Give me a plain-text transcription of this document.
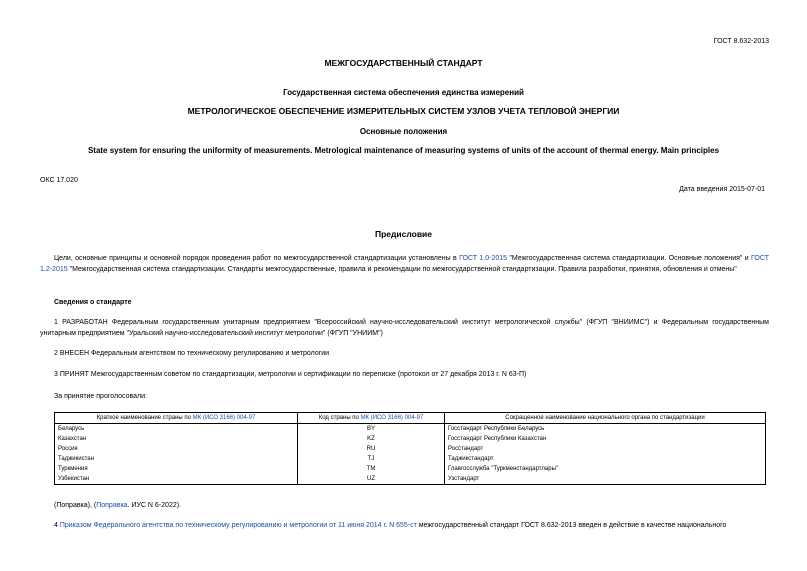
ГОСТ 8.632-2013
МЕЖГОСУДАРСТВЕННЫЙ СТАНДАРТ
Государственная система обеспечения единства измерений
МЕТРОЛОГИЧЕСКОЕ ОБЕСПЕЧЕНИЕ ИЗМЕРИТЕЛЬНЫХ СИСТЕМ УЗЛОВ УЧЕТА ТЕПЛОВОЙ ЭНЕРГИИ
Основные положения
State system for ensuring the uniformity of measurements. Metrological maintenance of measuring systems of units of the account of thermal energy. Main principles
ОКС 17.020
Дата введения 2015-07-01
Предисловие
Цели, основные принципы и основной порядок проведения работ по межгосударственной стандартизации установлены в ГОСТ 1.0-2015 "Межгосударственная система стандартизации. Основные положения" и ГОСТ 1.2-2015 "Межгосударственная система стандартизации. Стандарты межгосударственные, правила и рекомендации по межгосударственной стандартизации. Правила разработки, принятия, обновления и отмены"
Сведения о стандарте
1 РАЗРАБОТАН Федеральным государственным унитарным предприятием "Всероссийский научно-исследовательский институт метрологической службы" (ФГУП "ВНИИМС") и Федеральным государственным унитарным предприятием "Уральский научно-исследовательский институт метрологии" (ФГУП "УНИИМ")
2 ВНЕСЕН Федеральным агентством по техническому регулированию и метрологии
3 ПРИНЯТ Межгосударственным советом по стандартизации, метрологии и сертификации по переписке (протокол от 27 декабря 2013 г. N 63-П)
За принятие проголосовали:
Краткое наименование страны по МК (ИСО 3166) 004-97	Код страны по МК (ИСО 3166) 004-97	Сокращенное наименование национального органа по стандартизации
Беларусь	BY	Госстандарт Республики Беларусь
Казахстан	KZ	Госстандарт Республики Казахстан
Россия	RU	Росстандарт
Таджикистан	TJ	Таджикстандарт
Туркмения	TM	Главгосслужба "Туркменстандартлары"
Узбекистан	UZ	Узстандарт
(Поправка), (Поправка. ИУС N 6-2022).
4 Приказом Федерального агентства по техническому регулированию и метрологии от 11 июня 2014 г. N 655-ст межгосударственный стандарт ГОСТ 8.632-2013 введен в действие в качестве национального
